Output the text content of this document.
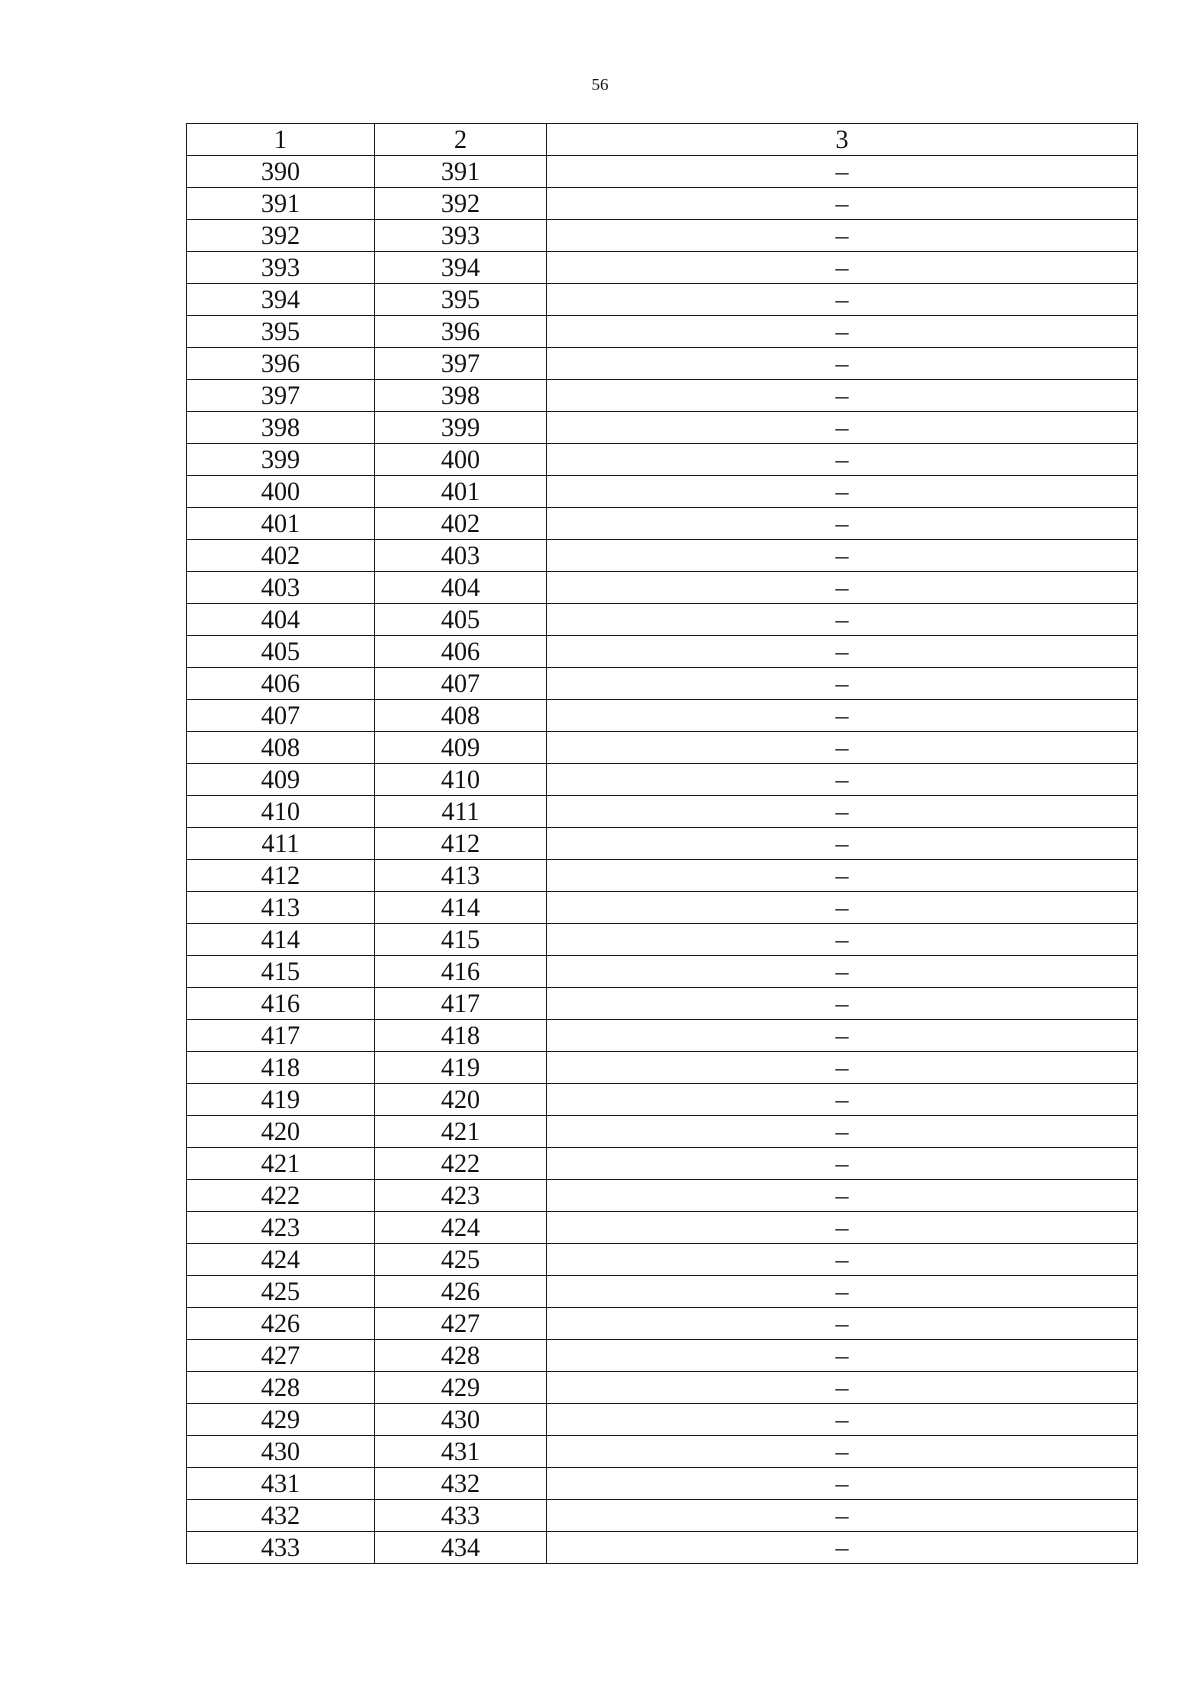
56
1	2	3
390	391	–
391	392	–
392	393	–
393	394	–
394	395	–
395	396	–
396	397	–
397	398	–
398	399	–
399	400	–
400	401	–
401	402	–
402	403	–
403	404	–
404	405	–
405	406	–
406	407	–
407	408	–
408	409	–
409	410	–
410	411	–
411	412	–
412	413	–
413	414	–
414	415	–
415	416	–
416	417	–
417	418	–
418	419	–
419	420	–
420	421	–
421	422	–
422	423	–
423	424	–
424	425	–
425	426	–
426	427	–
427	428	–
428	429	–
429	430	–
430	431	–
431	432	–
432	433	–
433	434	–
